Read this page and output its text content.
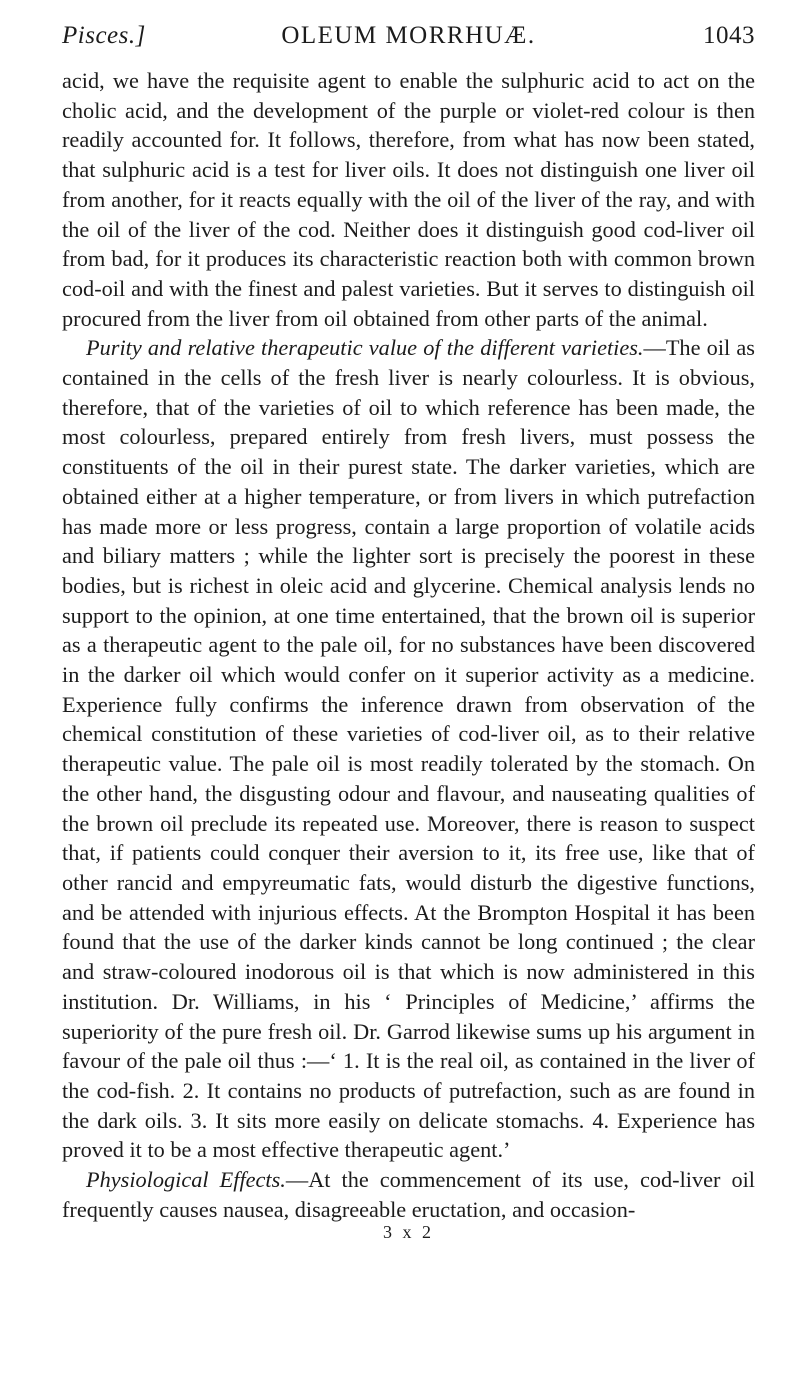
Pisces.]	OLEUM MORRHUÆ.	1043

acid, we have the requisite agent to enable the sulphuric acid to act on the cholic acid, and the development of the purple or violet-red colour is then readily accounted for. It follows, therefore, from what has now been stated, that sulphuric acid is a test for liver oils. It does not distinguish one liver oil from another, for it reacts equally with the oil of the liver of the ray, and with the oil of the liver of the cod. Neither does it distinguish good cod-liver oil from bad, for it produces its characteristic reaction both with common brown cod-oil and with the finest and palest varieties. But it serves to distinguish oil procured from the liver from oil obtained from other parts of the animal.

Purity and relative therapeutic value of the different varieties.—The oil as contained in the cells of the fresh liver is nearly colourless. It is obvious, therefore, that of the varieties of oil to which reference has been made, the most colourless, prepared entirely from fresh livers, must possess the constituents of the oil in their purest state. The darker varieties, which are obtained either at a higher temperature, or from livers in which putrefaction has made more or less progress, contain a large proportion of volatile acids and biliary matters ; while the lighter sort is precisely the poorest in these bodies, but is richest in oleic acid and glycerine. Chemical analysis lends no support to the opinion, at one time entertained, that the brown oil is superior as a therapeutic agent to the pale oil, for no substances have been discovered in the darker oil which would confer on it superior activity as a medicine. Experience fully confirms the inference drawn from observation of the chemical constitution of these varieties of cod-liver oil, as to their relative therapeutic value. The pale oil is most readily tolerated by the stomach. On the other hand, the disgusting odour and flavour, and nauseating qualities of the brown oil preclude its repeated use. Moreover, there is reason to suspect that, if patients could conquer their aversion to it, its free use, like that of other rancid and empyreumatic fats, would disturb the digestive functions, and be attended with injurious effects. At the Brompton Hospital it has been found that the use of the darker kinds cannot be long continued ; the clear and straw-coloured inodorous oil is that which is now administered in this institution. Dr. Williams, in his ‘ Principles of Medicine,’ affirms the superiority of the pure fresh oil. Dr. Garrod likewise sums up his argument in favour of the pale oil thus :—‘ 1. It is the real oil, as contained in the liver of the cod-fish. 2. It contains no products of putrefaction, such as are found in the dark oils. 3. It sits more easily on delicate stomachs. 4. Experience has proved it to be a most effective therapeutic agent.’

Physiological Effects.—At the commencement of its use, cod-liver oil frequently causes nausea, disagreeable eructation, and occasion-

3 x 2
